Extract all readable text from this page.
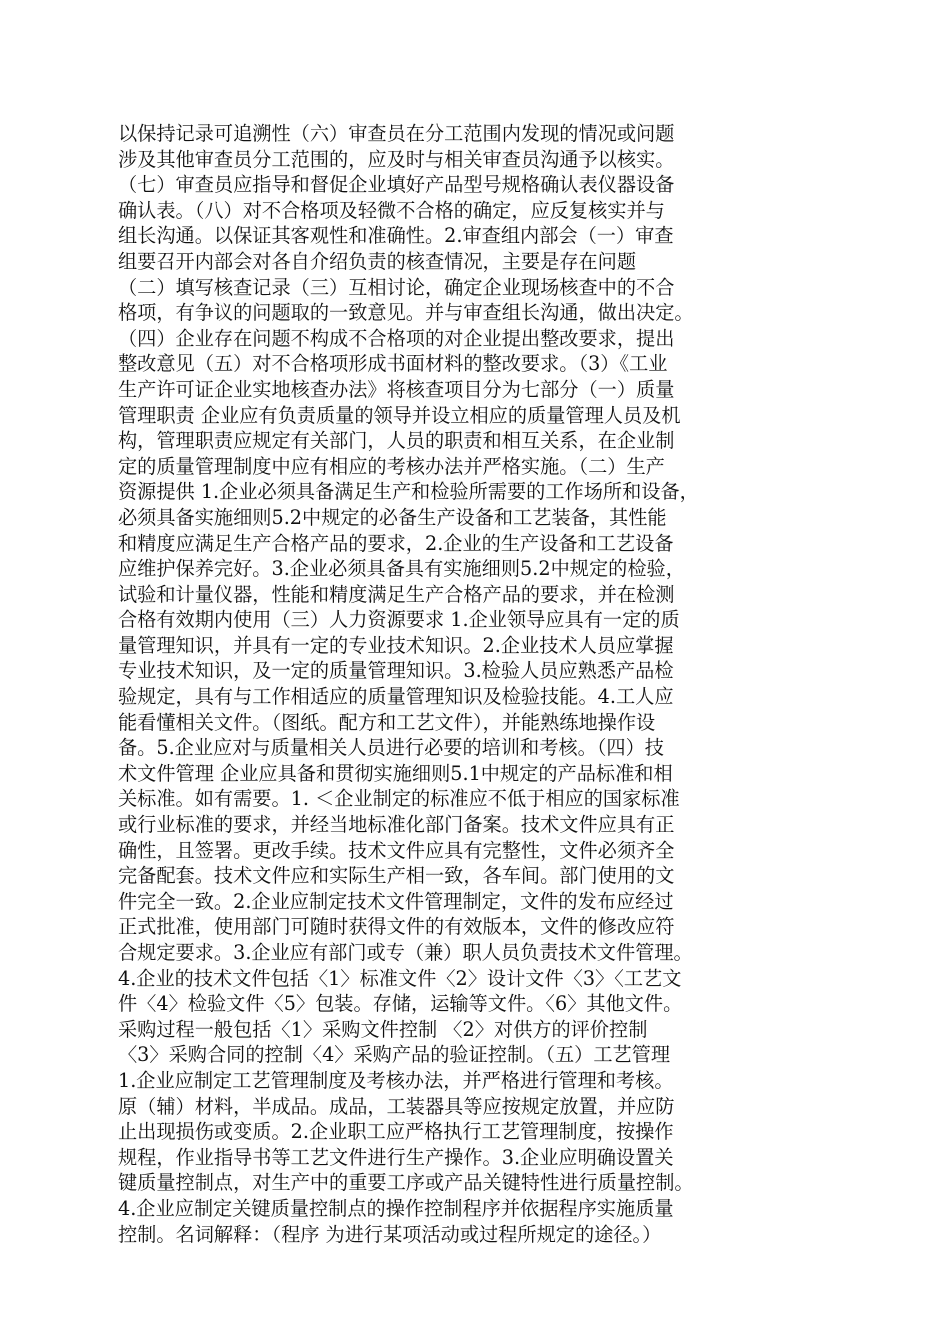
以保持记录可追溯性（六）审查员在分工范围内发现的情况或问题
涉及其他审查员分工范围的，应及时与相关审查员沟通予以核实。
（七）审查员应指导和督促企业填好产品型号规格确认表仪器设备
确认表。（八）对不合格项及轻微不合格的确定，应反复核实并与
组长沟通。以保证其客观性和准确性。2.审查组内部会（一）审查
组要召开内部会对各自介绍负责的核查情况，主要是存在问题
（二）填写核查记录（三）互相讨论，确定企业现场核查中的不合
格项，有争议的问题取的一致意见。并与审查组长沟通，做出决定。
（四）企业存在问题不构成不合格项的对企业提出整改要求，提出
整改意见（五）对不合格项形成书面材料的整改要求。（3）《工业
生产许可证企业实地核查办法》将核查项目分为七部分（一）质量
管理职责 企业应有负责质量的领导并设立相应的质量管理人员及机
构，管理职责应规定有关部门，人员的职责和相互关系，在企业制
定的质量管理制度中应有相应的考核办法并严格实施。（二）生产
资源提供 1.企业必须具备满足生产和检验所需要的工作场所和设备，
必须具备实施细则5.2中规定的必备生产设备和工艺装备，其性能
和精度应满足生产合格产品的要求，2.企业的生产设备和工艺设备
应维护保养完好。3.企业必须具备具有实施细则5.2中规定的检验，
试验和计量仪器，性能和精度满足生产合格产品的要求，并在检测
合格有效期内使用（三）人力资源要求 1.企业领导应具有一定的质
量管理知识，并具有一定的专业技术知识。2.企业技术人员应掌握
专业技术知识，及一定的质量管理知识。3.检验人员应熟悉产品检
验规定，具有与工作相适应的质量管理知识及检验技能。4.工人应
能看懂相关文件。（图纸。配方和工艺文件），并能熟练地操作设
备。5.企业应对与质量相关人员进行必要的培训和考核。（四）技
术文件管理 企业应具备和贯彻实施细则5.1中规定的产品标准和相
关标准。如有需要。1. ＜企业制定的标准应不低于相应的国家标准
或行业标准的要求，并经当地标准化部门备案。技术文件应具有正
确性，且签署。更改手续。技术文件应具有完整性，文件必须齐全
完备配套。技术文件应和实际生产相一致，各车间。部门使用的文
件完全一致。2.企业应制定技术文件管理制定，文件的发布应经过
正式批准，使用部门可随时获得文件的有效版本，文件的修改应符
合规定要求。3.企业应有部门或专（兼）职人员负责技术文件管理。
4.企业的技术文件包括〈1〉标准文件〈2〉设计文件〈3〉〈工艺文
件〈4〉检验文件〈5〉包装。存储，运输等文件。〈6〉其他文件。
采购过程一般包括〈1〉采购文件控制 〈2〉对供方的评价控制
〈3〉采购合同的控制〈4〉采购产品的验证控制。（五）工艺管理
1.企业应制定工艺管理制度及考核办法，并严格进行管理和考核。
原（辅）材料，半成品。成品，工装器具等应按规定放置，并应防
止出现损伤或变质。2.企业职工应严格执行工艺管理制度，按操作
规程，作业指导书等工艺文件进行生产操作。3.企业应明确设置关
键质量控制点，对生产中的重要工序或产品关键特性进行质量控制。
4.企业应制定关键质量控制点的操作控制程序并依据程序实施质量
控制。名词解释：（程序 为进行某项活动或过程所规定的途径。）
